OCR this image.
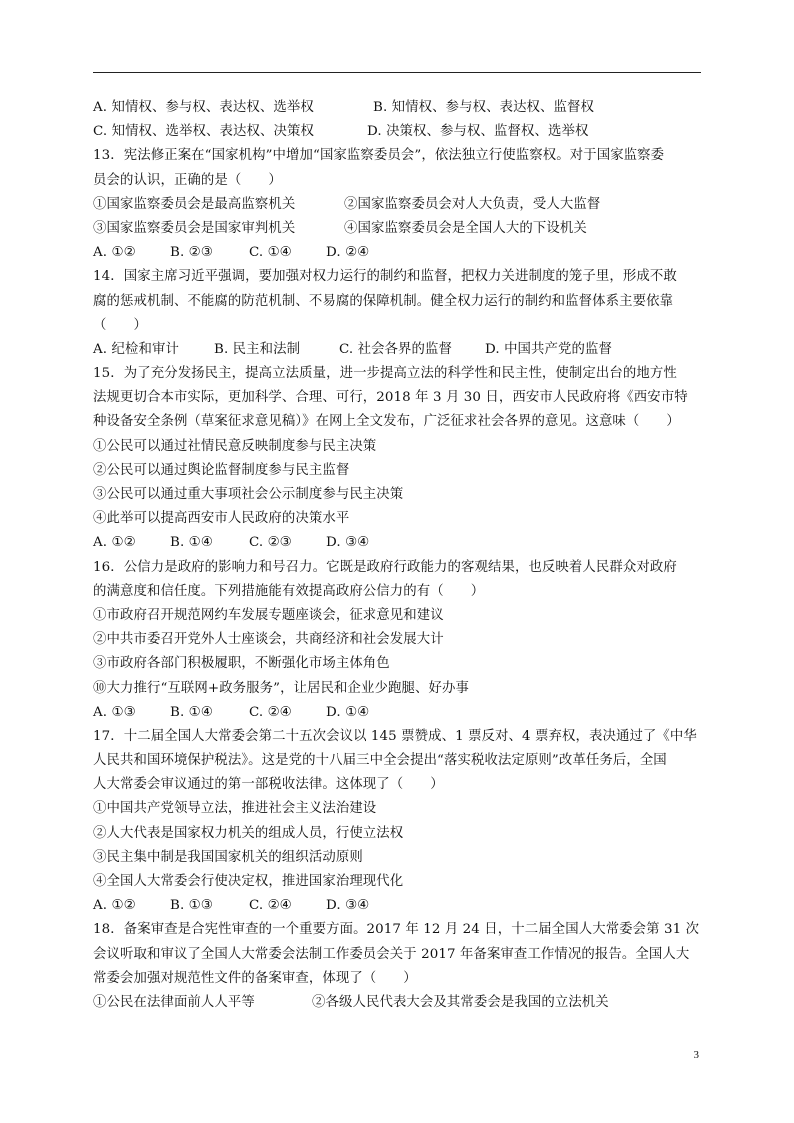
A. 知情权、参与权、表达权、选举权	B. 知情权、参与权、表达权、监督权
C. 知情权、选举权、表达权、决策权	D. 决策权、参与权、监督权、选举权
13．宪法修正案在“国家机构”中增加“国家监察委员会”，依法独立行使监察权。对于国家监察委
员会的认识，正确的是（　　）
①国家监察委员会是最高监察机关	②国家监察委员会对人大负责，受人大监督
③国家监察委员会是国家审判机关	④国家监察委员会是全国人大的下设机关
A. ①②	B. ②③	C. ①④	D. ②④
14．国家主席习近平强调，要加强对权力运行的制约和监督，把权力关进制度的笼子里，形成不敢
腐的惩戒机制、不能腐的防范机制、不易腐的保障机制。健全权力运行的制约和监督体系主要依靠
（　　）
A. 纪检和审计	B. 民主和法制	C. 社会各界的监督	D. 中国共产党的监督
15．为了充分发扬民主，提高立法质量，进一步提高立法的科学性和民主性，使制定出台的地方性
法规更切合本市实际，更加科学、合理、可行，2018 年 3 月 30 日，西安市人民政府将《西安市特
种设备安全条例（草案征求意见稿）》在网上全文发布，广泛征求社会各界的意见。这意味（　　）
①公民可以通过社情民意反映制度参与民主决策
②公民可以通过舆论监督制度参与民主监督
③公民可以通过重大事项社会公示制度参与民主决策
④此举可以提高西安市人民政府的决策水平
A. ①②	B. ①④	C. ②③	D. ③④
16．公信力是政府的影响力和号召力。它既是政府行政能力的客观结果，也反映着人民群众对政府
的满意度和信任度。下列措施能有效提高政府公信力的有（　　）
①市政府召开规范网约车发展专题座谈会，征求意见和建议
②中共市委召开党外人士座谈会，共商经济和社会发展大计
③市政府各部门积极履职，不断强化市场主体角色
⑩大力推行“互联网+政务服务”，让居民和企业少跑腿、好办事
A. ①③	B. ①④	C. ②④	D. ①④
17．十二届全国人大常委会第二十五次会议以 145 票赞成、1 票反对、4 票弃权，表决通过了《中华
人民共和国环境保护税法》。这是党的十八届三中全会提出“落实税收法定原则”改革任务后，全国
人大常委会审议通过的第一部税收法律。这体现了（　　）
①中国共产党领导立法，推进社会主义法治建设
②人大代表是国家权力机关的组成人员，行使立法权
③民主集中制是我国国家机关的组织活动原则
④全国人大常委会行使决定权，推进国家治理现代化
A. ①②	B. ①③	C. ②④	D. ③④
18．备案审查是合宪性审查的一个重要方面。2017 年 12 月 24 日，十二届全国人大常委会第 31 次
会议听取和审议了全国人大常委会法制工作委员会关于 2017 年备案审查工作情况的报告。全国人大
常委会加强对规范性文件的备案审查，体现了（　　）
①公民在法律面前人人平等	②各级人民代表大会及其常委会是我国的立法机关
3
